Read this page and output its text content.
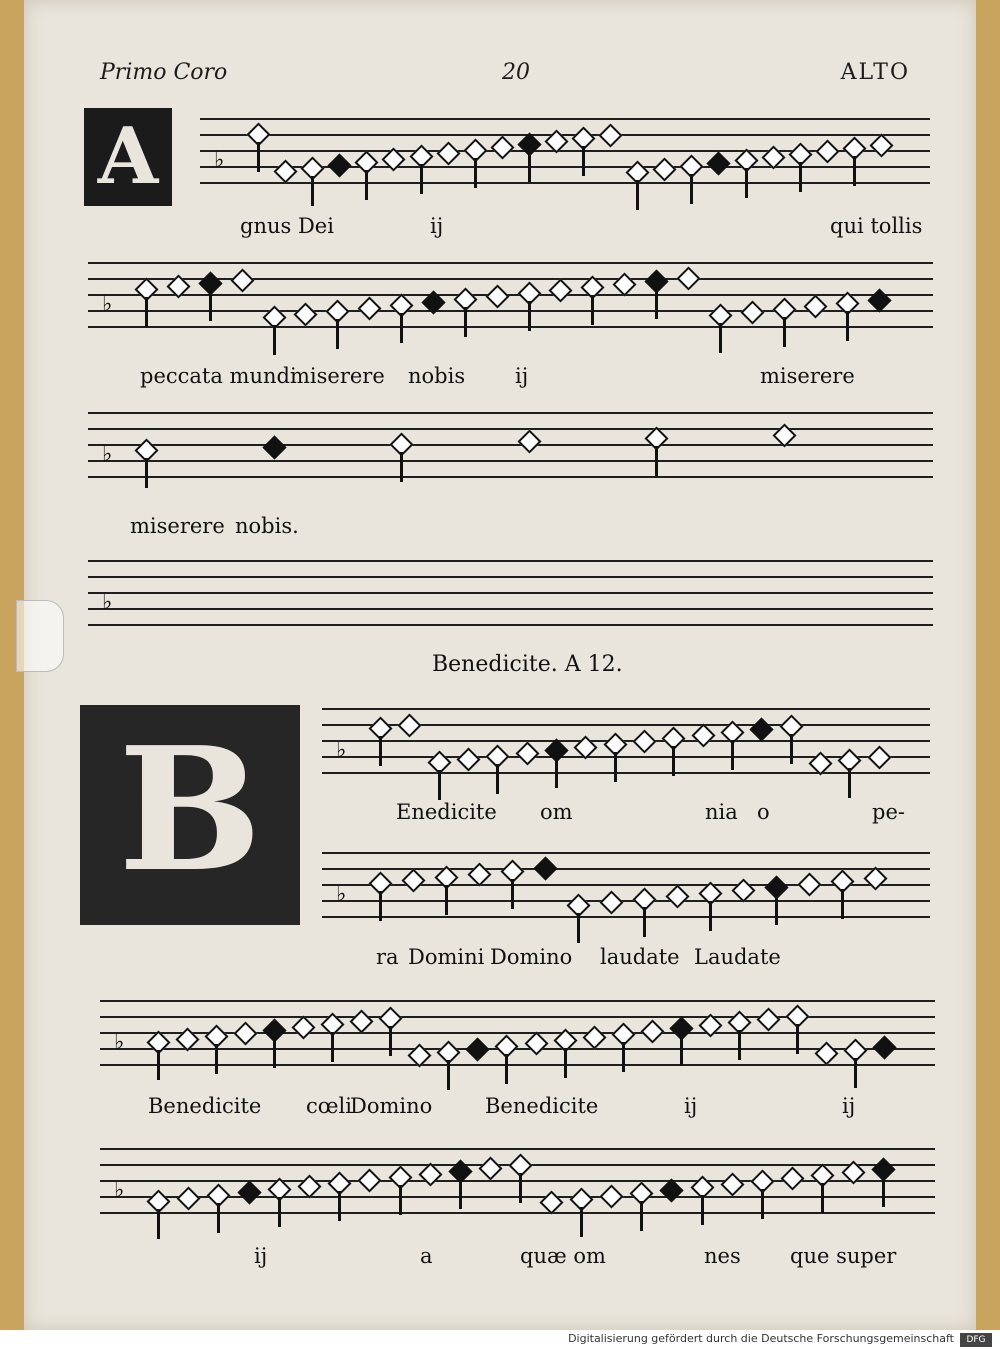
Primo Coro	20	ALTO
A
B
♭
♭
♭
♭
♭
♭
♭
♭
gnus Dei	ij	qui tollis
peccata mundi
miserere nobis ij	miserere
miserere nobis.
Benedicite. A 12.
Enedicite om	nia o	pe-
ra Domini Domino laudate Laudate
Benedicite cœli
Domino	Benedicite	ij	ij
ij	a	quæ om	nes que super
Digitalisierung gefördert durch die Deutsche Forschungsgemeinschaft	DFG
